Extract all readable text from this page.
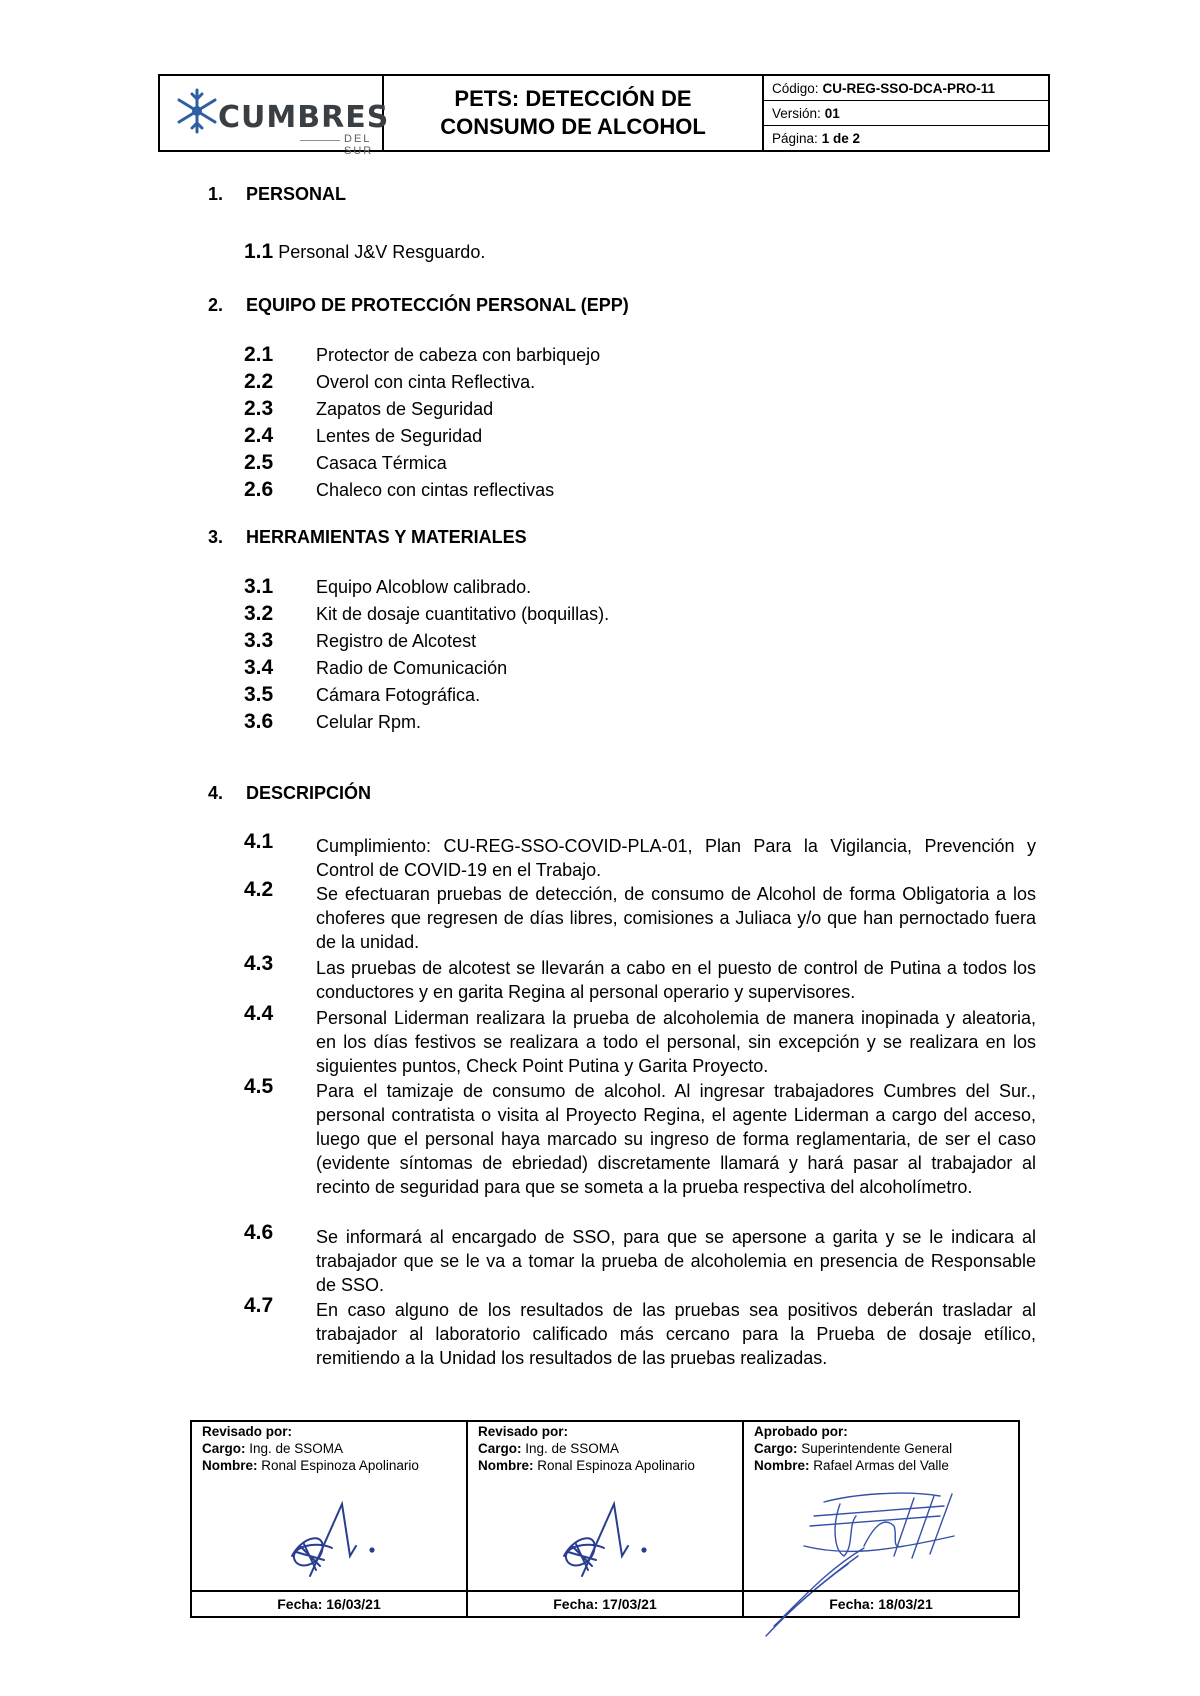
CUMBRES
DEL SUR
PETS: DETECCIÓN DE
CONSUMO DE ALCOHOL
Código: CU-REG-SSO-DCA-PRO-11
Versión: 01
Página: 1 de 2
1. PERSONAL
1.1 Personal J&V Resguardo.
2. EQUIPO DE PROTECCIÓN PERSONAL (EPP)
2.1 Protector de cabeza con barbiquejo
2.2 Overol con cinta Reflectiva.
2.3 Zapatos de Seguridad
2.4 Lentes de Seguridad
2.5 Casaca Térmica
2.6 Chaleco con cintas reflectivas
3. HERRAMIENTAS Y MATERIALES
3.1 Equipo Alcoblow calibrado.
3.2 Kit de dosaje cuantitativo (boquillas).
3.3 Registro de Alcotest
3.4 Radio de Comunicación
3.5 Cámara Fotográfica.
3.6 Celular Rpm.
4. DESCRIPCIÓN
4.1 Cumplimiento: CU-REG-SSO-COVID-PLA-01, Plan Para la Vigilancia, Prevención y Control de COVID-19 en el Trabajo.
4.2 Se efectuaran pruebas de detección, de consumo de Alcohol de forma Obligatoria a los choferes que regresen de días libres, comisiones a Juliaca y/o que han pernoctado fuera de la unidad.
4.3 Las pruebas de alcotest se llevarán a cabo en el puesto de control de Putina a todos los conductores y en garita Regina al personal operario y supervisores.
4.4 Personal Liderman realizara la prueba de alcoholemia de manera inopinada y aleatoria, en los días festivos se realizara a todo el personal, sin excepción y se realizara en los siguientes puntos, Check Point Putina y Garita Proyecto.
4.5 Para el tamizaje de consumo de alcohol. Al ingresar trabajadores Cumbres del Sur., personal contratista o visita al Proyecto Regina, el agente Liderman a cargo del acceso, luego que el personal haya marcado su ingreso de forma reglamentaria, de ser el caso (evidente síntomas de ebriedad) discretamente llamará y hará pasar al trabajador al recinto de seguridad para que se someta a la prueba respectiva del alcoholímetro.
4.6 Se informará al encargado de SSO, para que se apersone a garita y se le indicara al trabajador que se le va a tomar la prueba de alcoholemia en presencia de Responsable de SSO.
4.7 En caso alguno de los resultados de las pruebas sea positivos deberán trasladar al trabajador al laboratorio calificado más cercano para la Prueba de dosaje etílico, remitiendo a la Unidad los resultados de las pruebas realizadas.
Revisado por:
Cargo: Ing. de SSOMA
Nombre: Ronal Espinoza Apolinario
Fecha: 16/03/21
Revisado por:
Cargo: Ing. de SSOMA
Nombre: Ronal Espinoza Apolinario
Fecha: 17/03/21
Aprobado por:
Cargo: Superintendente General
Nombre: Rafael Armas del Valle
Fecha: 18/03/21
